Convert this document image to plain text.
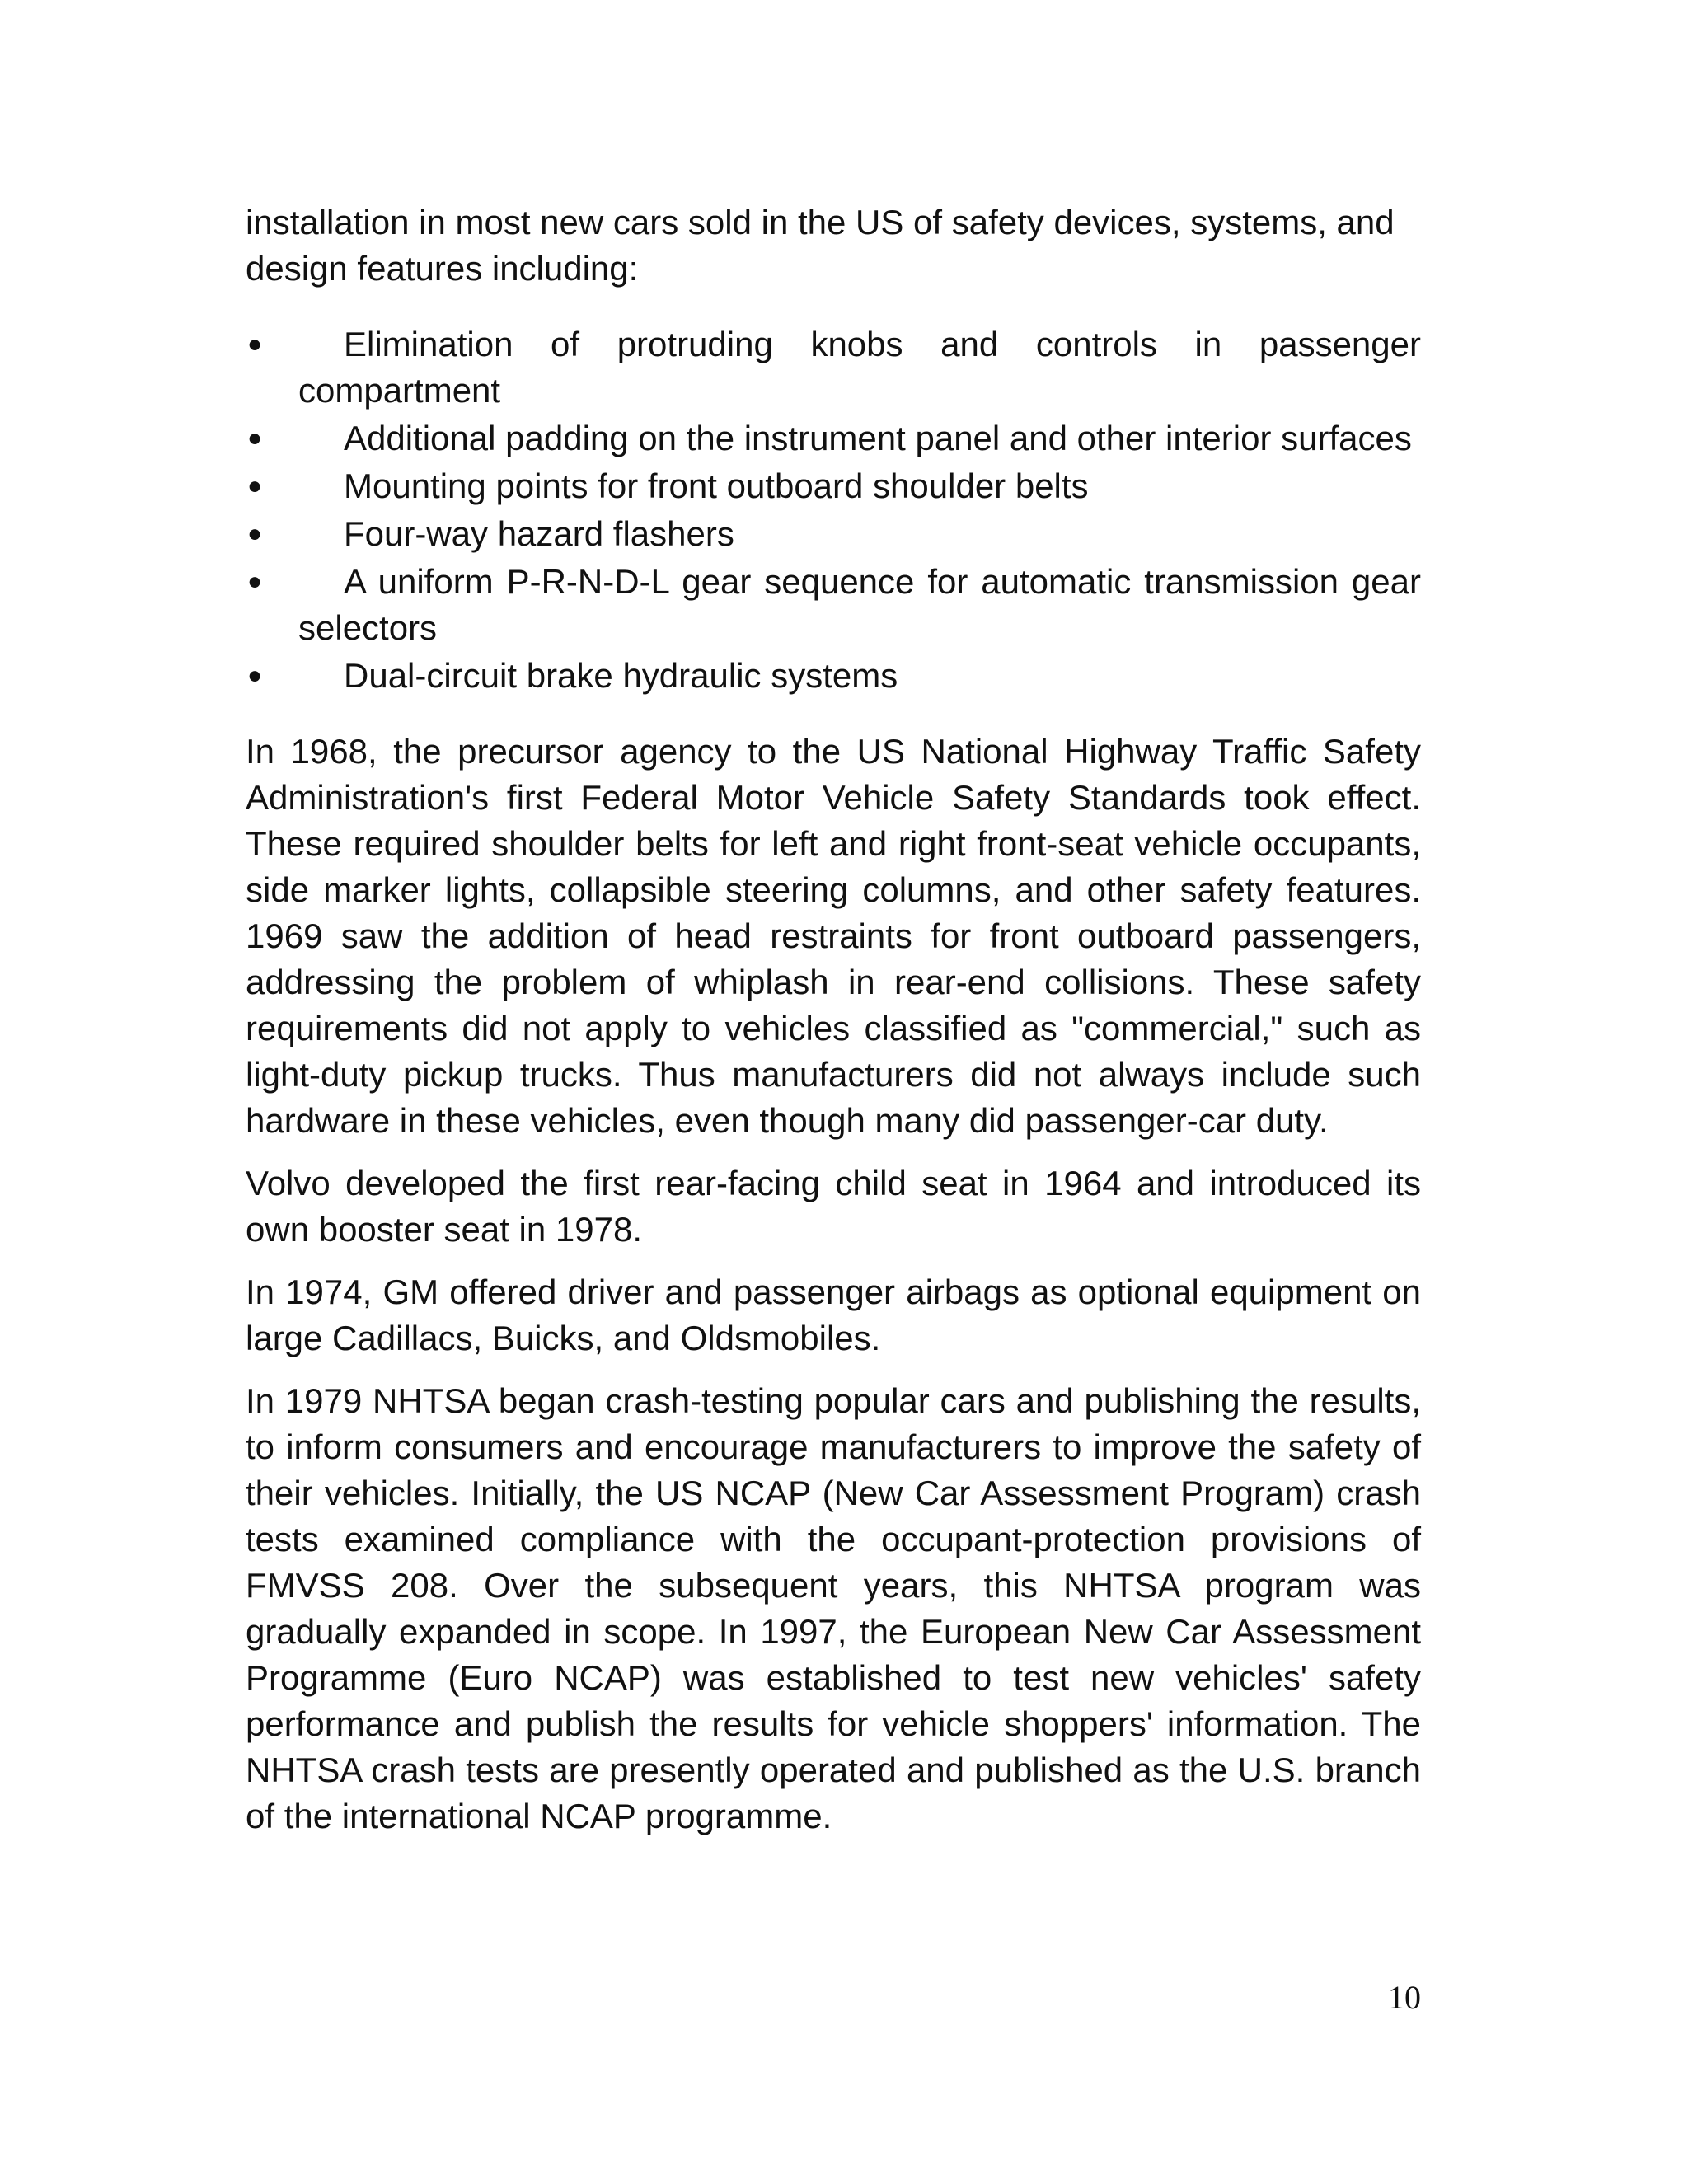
installation in most new cars sold in the US of safety devices, systems, and design features including:

●	Elimination of protruding knobs and controls in passenger compartment
●	Additional padding on the instrument panel and other interior surfaces
●	Mounting points for front outboard shoulder belts
●	Four-way hazard flashers
●	A uniform P-R-N-D-L gear sequence for automatic transmission gear selectors
●	Dual-circuit brake hydraulic systems

In 1968, the precursor agency to the US National Highway Traffic Safety Administration's first Federal Motor Vehicle Safety Standards took effect. These required shoulder belts for left and right front-seat vehicle occupants, side marker lights, collapsible steering columns, and other safety features. 1969 saw the addition of head restraints for front outboard passengers, addressing the problem of whiplash in rear-end collisions. These safety requirements did not apply to vehicles classified as "commercial," such as light-duty pickup trucks. Thus manufacturers did not always include such hardware in these vehicles, even though many did passenger-car duty.

Volvo developed the first rear-facing child seat in 1964 and introduced its own booster seat in 1978.

In 1974, GM offered driver and passenger airbags as optional equipment on large Cadillacs, Buicks, and Oldsmobiles.

In 1979 NHTSA began crash-testing popular cars and publishing the results, to inform consumers and encourage manufacturers to improve the safety of their vehicles. Initially, the US NCAP (New Car Assessment Program) crash tests examined compliance with the occupant-protection provisions of FMVSS 208. Over the subsequent years, this NHTSA program was gradually expanded in scope. In 1997, the European New Car Assessment Programme (Euro NCAP) was established to test new vehicles' safety performance and publish the results for vehicle shoppers' information. The NHTSA crash tests are presently operated and published as the U.S. branch of the international NCAP programme.

10
